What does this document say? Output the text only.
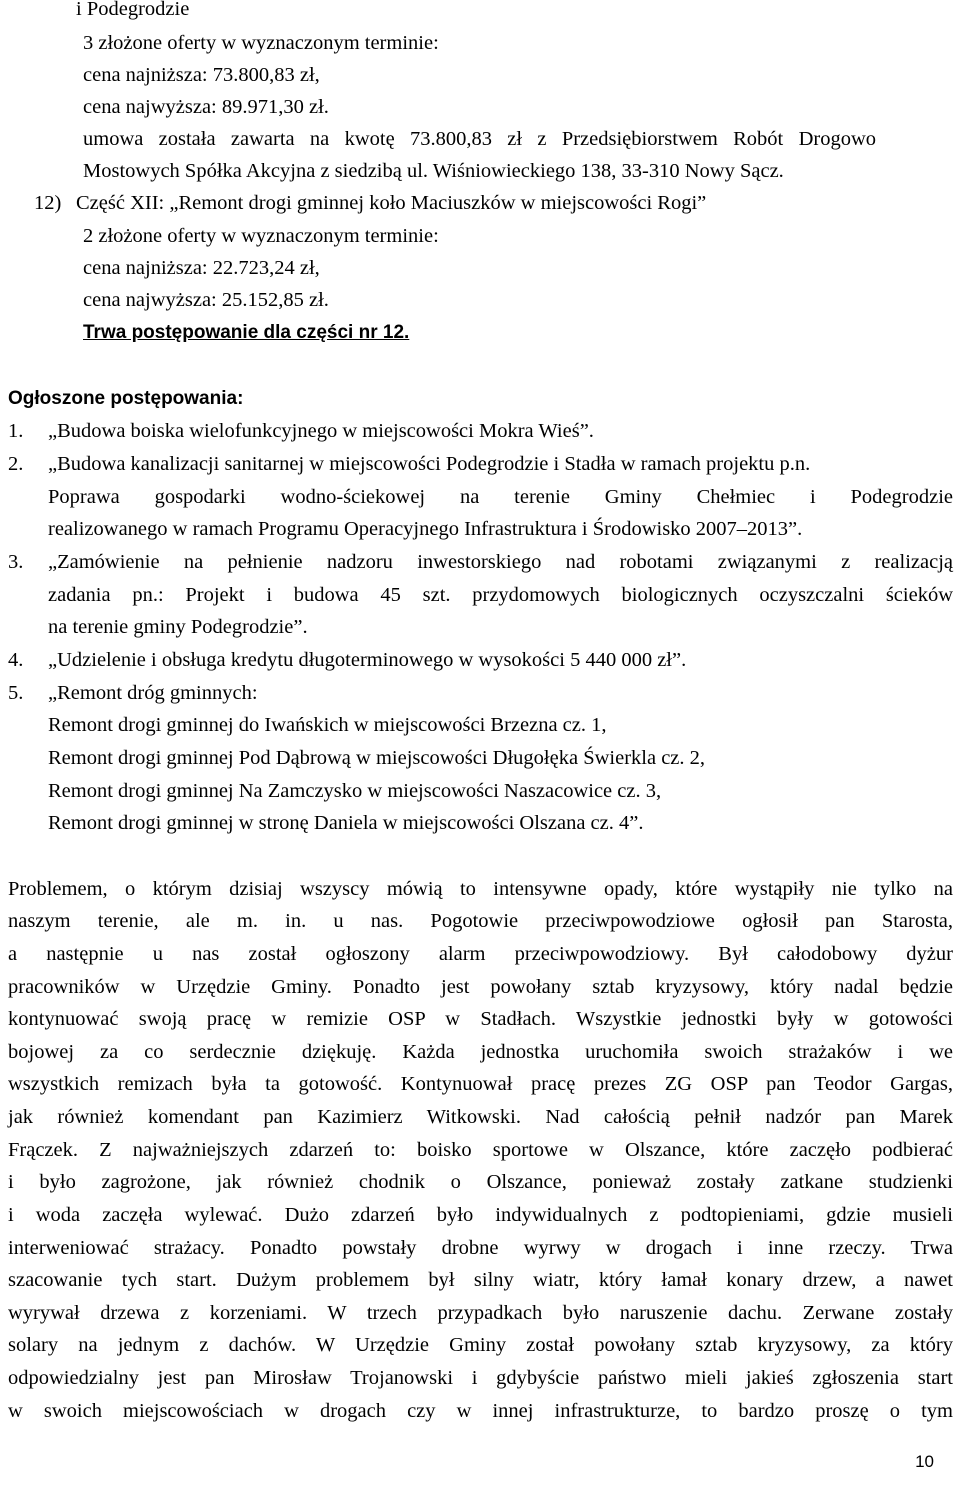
i Podegrodzie

3 złożone oferty w wyznaczonym terminie:

cena najniższa: 73.800,83 zł,

cena najwyższa: 89.971,30 zł.

umowa została zawarta na kwotę 73.800,83 zł z Przedsiębiorstwem Robót Drogowo

Mostowych Spółka Akcyjna z siedzibą ul. Wiśniowieckiego 138, 33-310 Nowy Sącz.

12) Część XII: „Remont drogi gminnej koło Maciuszków w miejscowości Rogi”

2 złożone oferty w wyznaczonym terminie:

cena najniższa: 22.723,24 zł,

cena najwyższa: 25.152,85 zł.

Trwa postępowanie dla części nr 12.

Ogłoszone postępowania:

1. „Budowa boiska wielofunkcyjnego w miejscowości Mokra Wieś”.

2. „Budowa kanalizacji sanitarnej w miejscowości Podegrodzie i Stadła w ramach projektu p.n.

Poprawa gospodarki wodno-ściekowej na terenie Gminy Chełmiec i Podegrodzie

realizowanego w ramach Programu Operacyjnego Infrastruktura i Środowisko 2007–2013”.

3. „Zamówienie na pełnienie nadzoru inwestorskiego nad robotami związanymi z realizacją

zadania pn.: Projekt i budowa 45 szt. przydomowych biologicznych oczyszczalni ścieków

na terenie gminy Podegrodzie”.

4. „Udzielenie i obsługa kredytu długoterminowego w wysokości 5 440 000 zł”.

5. „Remont dróg gminnych:

Remont drogi gminnej do Iwańskich w miejscowości Brzezna cz. 1,

Remont drogi gminnej Pod Dąbrową w miejscowości Długołęka Świerkla cz. 2,

Remont drogi gminnej Na Zamczysko w miejscowości Naszacowice cz. 3,

Remont drogi gminnej w stronę Daniela w miejscowości Olszana cz. 4”.

Problemem, o którym dzisiaj wszyscy mówią to intensywne opady, które wystąpiły nie tylko na

naszym terenie, ale m. in. u nas. Pogotowie przeciwpowodziowe ogłosił pan Starosta,

a następnie u nas został ogłoszony alarm przeciwpowodziowy. Był całodobowy dyżur

pracowników w Urzędzie Gminy. Ponadto jest powołany sztab kryzysowy, który nadal będzie

kontynuować swoją pracę w remizie OSP w Stadłach. Wszystkie jednostki były w gotowości

bojowej za co serdecznie dziękuję. Każda jednostka uruchomiła swoich strażaków i we

wszystkich remizach była ta gotowość. Kontynuował pracę prezes ZG OSP pan Teodor Gargas,

jak również komendant pan Kazimierz Witkowski. Nad całością pełnił nadzór pan Marek

Frączek. Z najważniejszych zdarzeń to: boisko sportowe w Olszance, które zaczęło podbierać

i było zagrożone, jak również chodnik o Olszance, ponieważ zostały zatkane studzienki

i woda zaczęła wylewać. Dużo zdarzeń było indywidualnych z podtopieniami, gdzie musieli

interweniować strażacy. Ponadto powstały drobne wyrwy w drogach i inne rzeczy. Trwa

szacowanie tych start. Dużym problemem był silny wiatr, który łamał konary drzew, a nawet

wyrywał drzewa z korzeniami. W trzech przypadkach było naruszenie dachu. Zerwane zostały

solary na jednym z dachów. W Urzędzie Gminy został powołany sztab kryzysowy, za który

odpowiedzialny jest pan Mirosław Trojanowski i gdybyście państwo mieli jakieś zgłoszenia start

w swoich miejscowościach w drogach czy w innej infrastrukturze, to bardzo proszę o tym

10
